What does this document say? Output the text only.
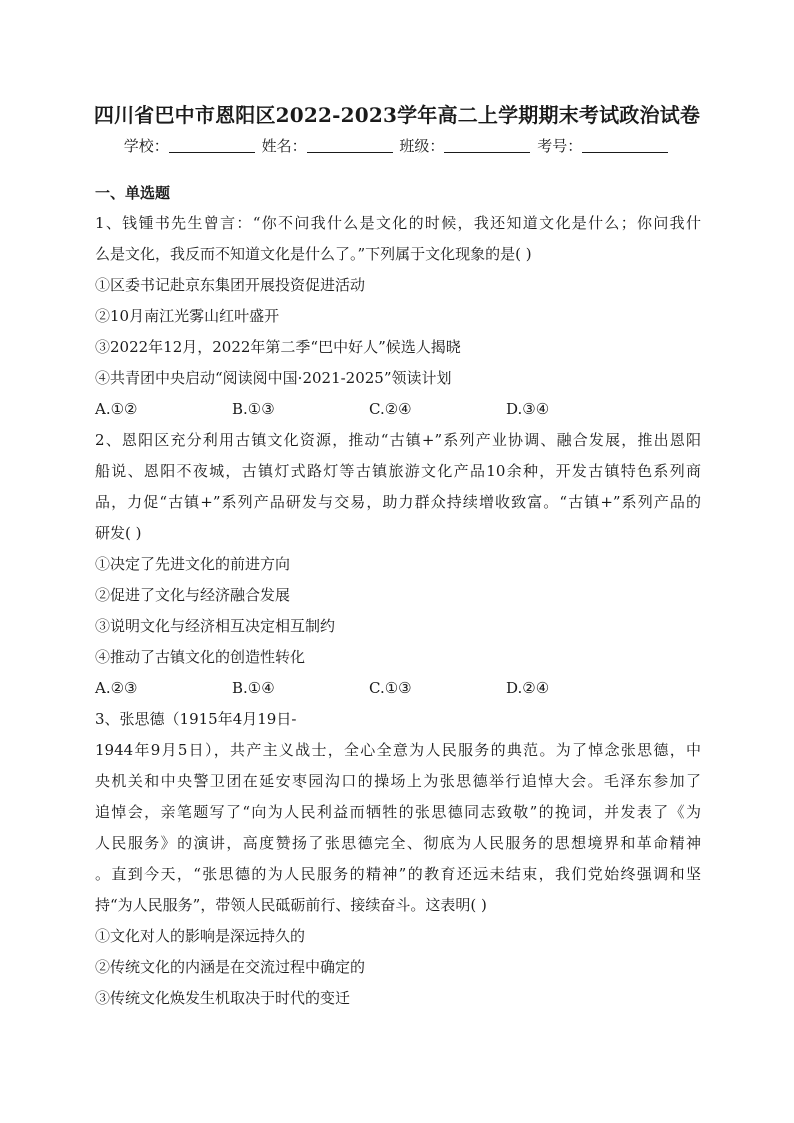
四川省巴中市恩阳区2022-2023学年高二上学期期末考试政治试卷
学校：	姓名：	班级：	考号：
一、单选题
1、钱锺书先生曾言：“你不问我什么是文化的时候，我还知道文化是什么；你问我什
么是文化，我反而不知道文化是什么了。”下列属于文化现象的是( )
①区委书记赴京东集团开展投资促进活动
②10月南江光雾山红叶盛开
③2022年12月，2022年第二季“巴中好人”候选人揭晓
④共青团中央启动“阅读阅中国·2021-2025”领读计划
A.①②	B.①③	C.②④	D.③④
2、恩阳区充分利用古镇文化资源，推动“古镇+”系列产业协调、融合发展，推出恩阳
船说、恩阳不夜城，古镇灯式路灯等古镇旅游文化产品10余种，开发古镇特色系列商
品，力促“古镇+”系列产品研发与交易，助力群众持续增收致富。“古镇+”系列产品的
研发( )
①决定了先进文化的前进方向
②促进了文化与经济融合发展
③说明文化与经济相互决定相互制约
④推动了古镇文化的创造性转化
A.②③	B.①④	C.①③	D.②④
3、张思德（1915年4月19日-
1944年9月5日），共产主义战士，全心全意为人民服务的典范。为了悼念张思德，中
央机关和中央警卫团在延安枣园沟口的操场上为张思德举行追悼大会。毛泽东参加了
追悼会，亲笔题写了“向为人民利益而牺牲的张思德同志致敬”的挽词，并发表了《为
人民服务》的演讲，高度赞扬了张思德完全、彻底为人民服务的思想境界和革命精神
。直到今天，“张思德的为人民服务的精神”的教育还远未结束，我们党始终强调和坚
持“为人民服务”，带领人民砥砺前行、接续奋斗。这表明( )
①文化对人的影响是深远持久的
②传统文化的内涵是在交流过程中确定的
③传统文化焕发生机取决于时代的变迁
